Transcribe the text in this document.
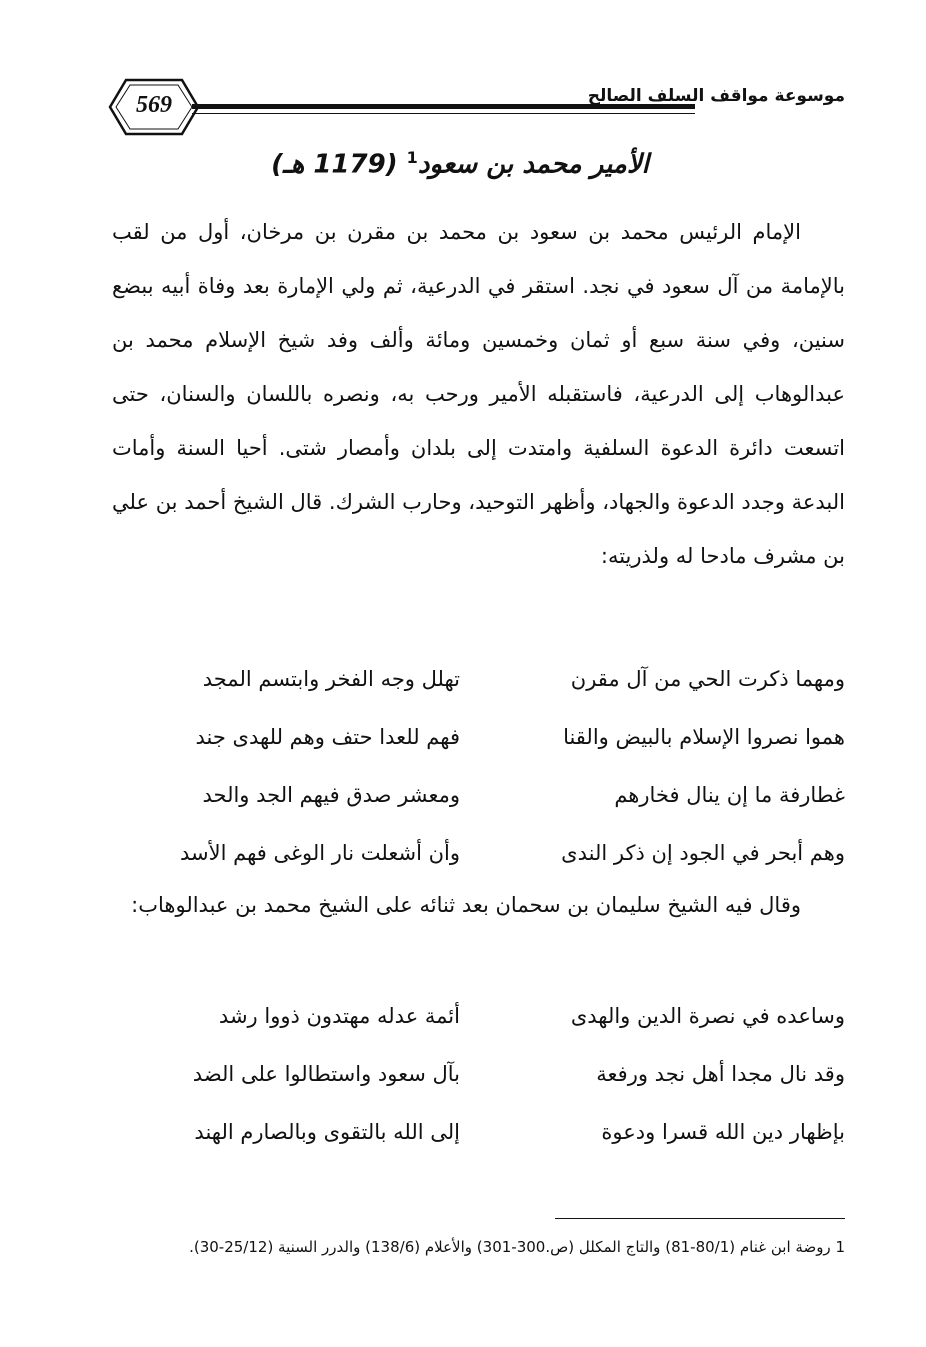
569	موسوعة مواقف السلف الصالح
الأمير محمد بن سعود$^1$ (1179 هـ)

الإمام الرئيس محمد بن سعود بن محمد بن مقرن بن مرخان، أول من لقب بالإمامة من آل سعود في نجد. استقر في الدرعية، ثم ولي الإمارة بعد وفاة أبيه ببضع سنين، وفي سنة سبع أو ثمان وخمسين ومائة وألف وفد شيخ الإسلام محمد بن عبدالوهاب إلى الدرعية، فاستقبله الأمير ورحب به، ونصره باللسان والسنان، حتى اتسعت دائرة الدعوة السلفية وامتدت إلى بلدان وأمصار شتى. أحيا السنة وأمات البدعة وجدد الدعوة والجهاد، وأظهر التوحيد، وحارب الشرك. قال الشيخ أحمد بن علي بن مشرف مادحا له ولذريته:

ومهما ذكرت الحي من آل مقرن
تهلل وجه الفخر وابتسم المجد
هموا نصروا الإسلام بالبيض والقنا
فهم للعدا حتف وهم للهدى جند
غطارفة ما إن ينال فخارهم
ومعشر صدق فيهم الجد والحد
وهم أبحر في الجود إن ذكر الندى
وأن أشعلت نار الوغى فهم الأسد

وقال فيه الشيخ سليمان بن سحمان بعد ثنائه على الشيخ محمد بن عبدالوهاب:

وساعده في نصرة الدين والهدى
أئمة عدله مهتدون ذووا رشد
وقد نال مجدا أهل نجد ورفعة
بآل سعود واستطالوا على الضد
بإظهار دين الله قسرا ودعوة
إلى الله بالتقوى وبالصارم الهند
1 روضة ابن غنام (80/1-81) والتاج المكلل (ص.300-301) والأعلام (138/6) والدرر السنية (25/12-30).
